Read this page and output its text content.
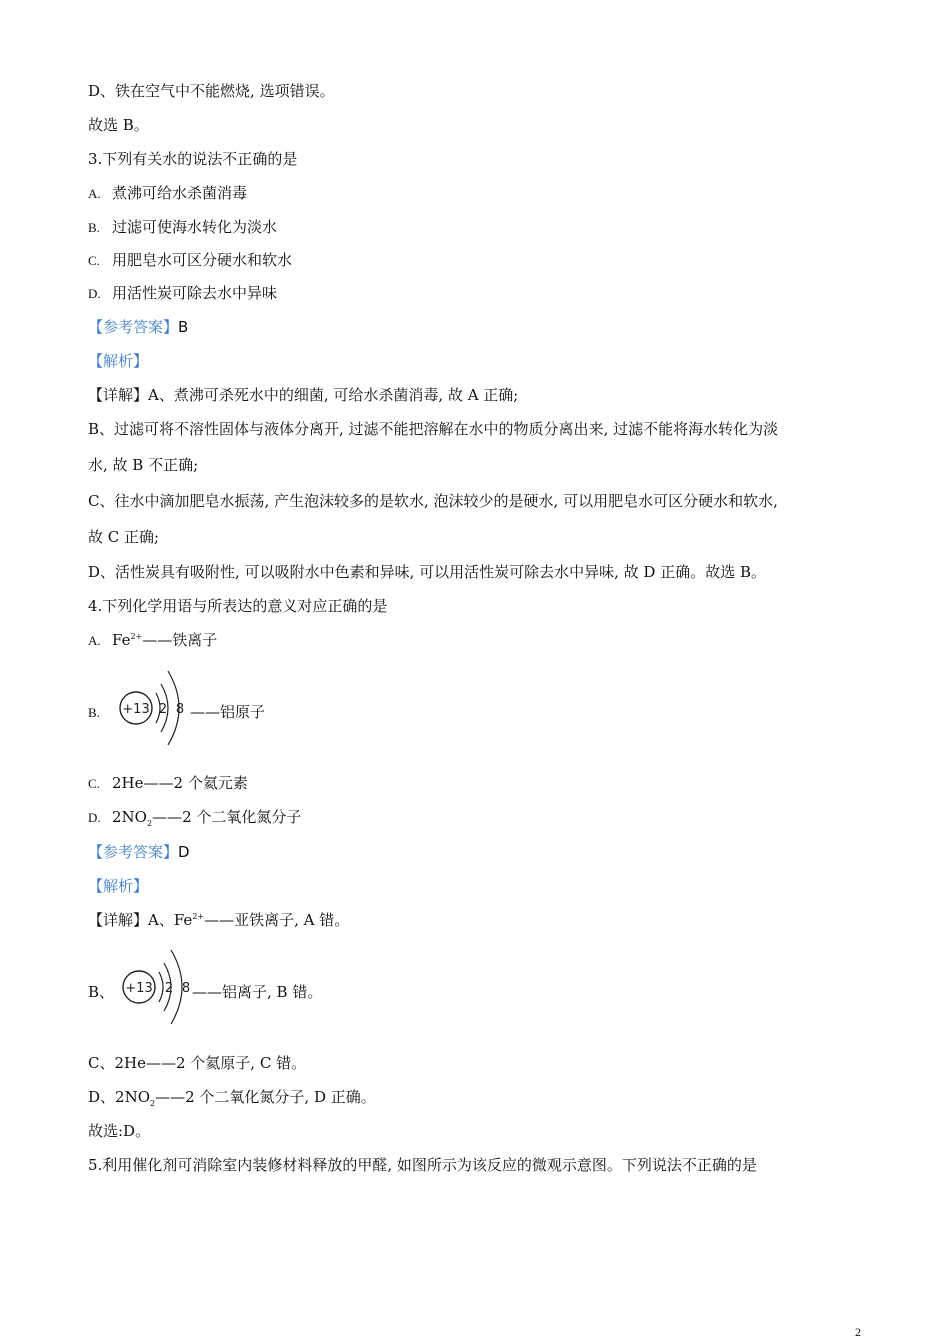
D、铁在空气中不能燃烧, 选项错误。
故选 B。
3.下列有关水的说法不正确的是
A. 煮沸可给水杀菌消毒
B. 过滤可使海水转化为淡水
C. 用肥皂水可区分硬水和软水
D. 用活性炭可除去水中异味
【参考答案】B
【解析】
【详解】A、煮沸可杀死水中的细菌, 可给水杀菌消毒, 故 A 正确;
B、过滤可将不溶性固体与液体分离开, 过滤不能把溶解在水中的物质分离出来, 过滤不能将海水转化为淡
水, 故 B 不正确;
C、往水中滴加肥皂水振荡, 产生泡沫较多的是软水, 泡沫较少的是硬水, 可以用肥皂水可区分硬水和软水,
故 C 正确;
D、活性炭具有吸附性, 可以吸附水中色素和异味, 可以用活性炭可除去水中异味, 故 D 正确。故选 B。
4.下列化学用语与所表达的意义对应正确的是
A. $Fe^{2+}——$铁离子
B.	+13 2 8 ——铝原子
C. 2He——2 个氦元素
D. $2NO_2——2$ 个二氧化氮分子
【参考答案】D
【解析】
【详解】A、$Fe^{2+}——$亚铁离子, A 错。
B、 +13 2 8 ——铝离子, B 错。
C、2He——2 个氦原子, C 错。
D、$2NO_2——2$ 个二氧化氮分子, D 正确。
故选:D。
5.利用催化剂可消除室内装修材料释放的甲醛, 如图所示为该反应的微观示意图。下列说法不正确的是
2
